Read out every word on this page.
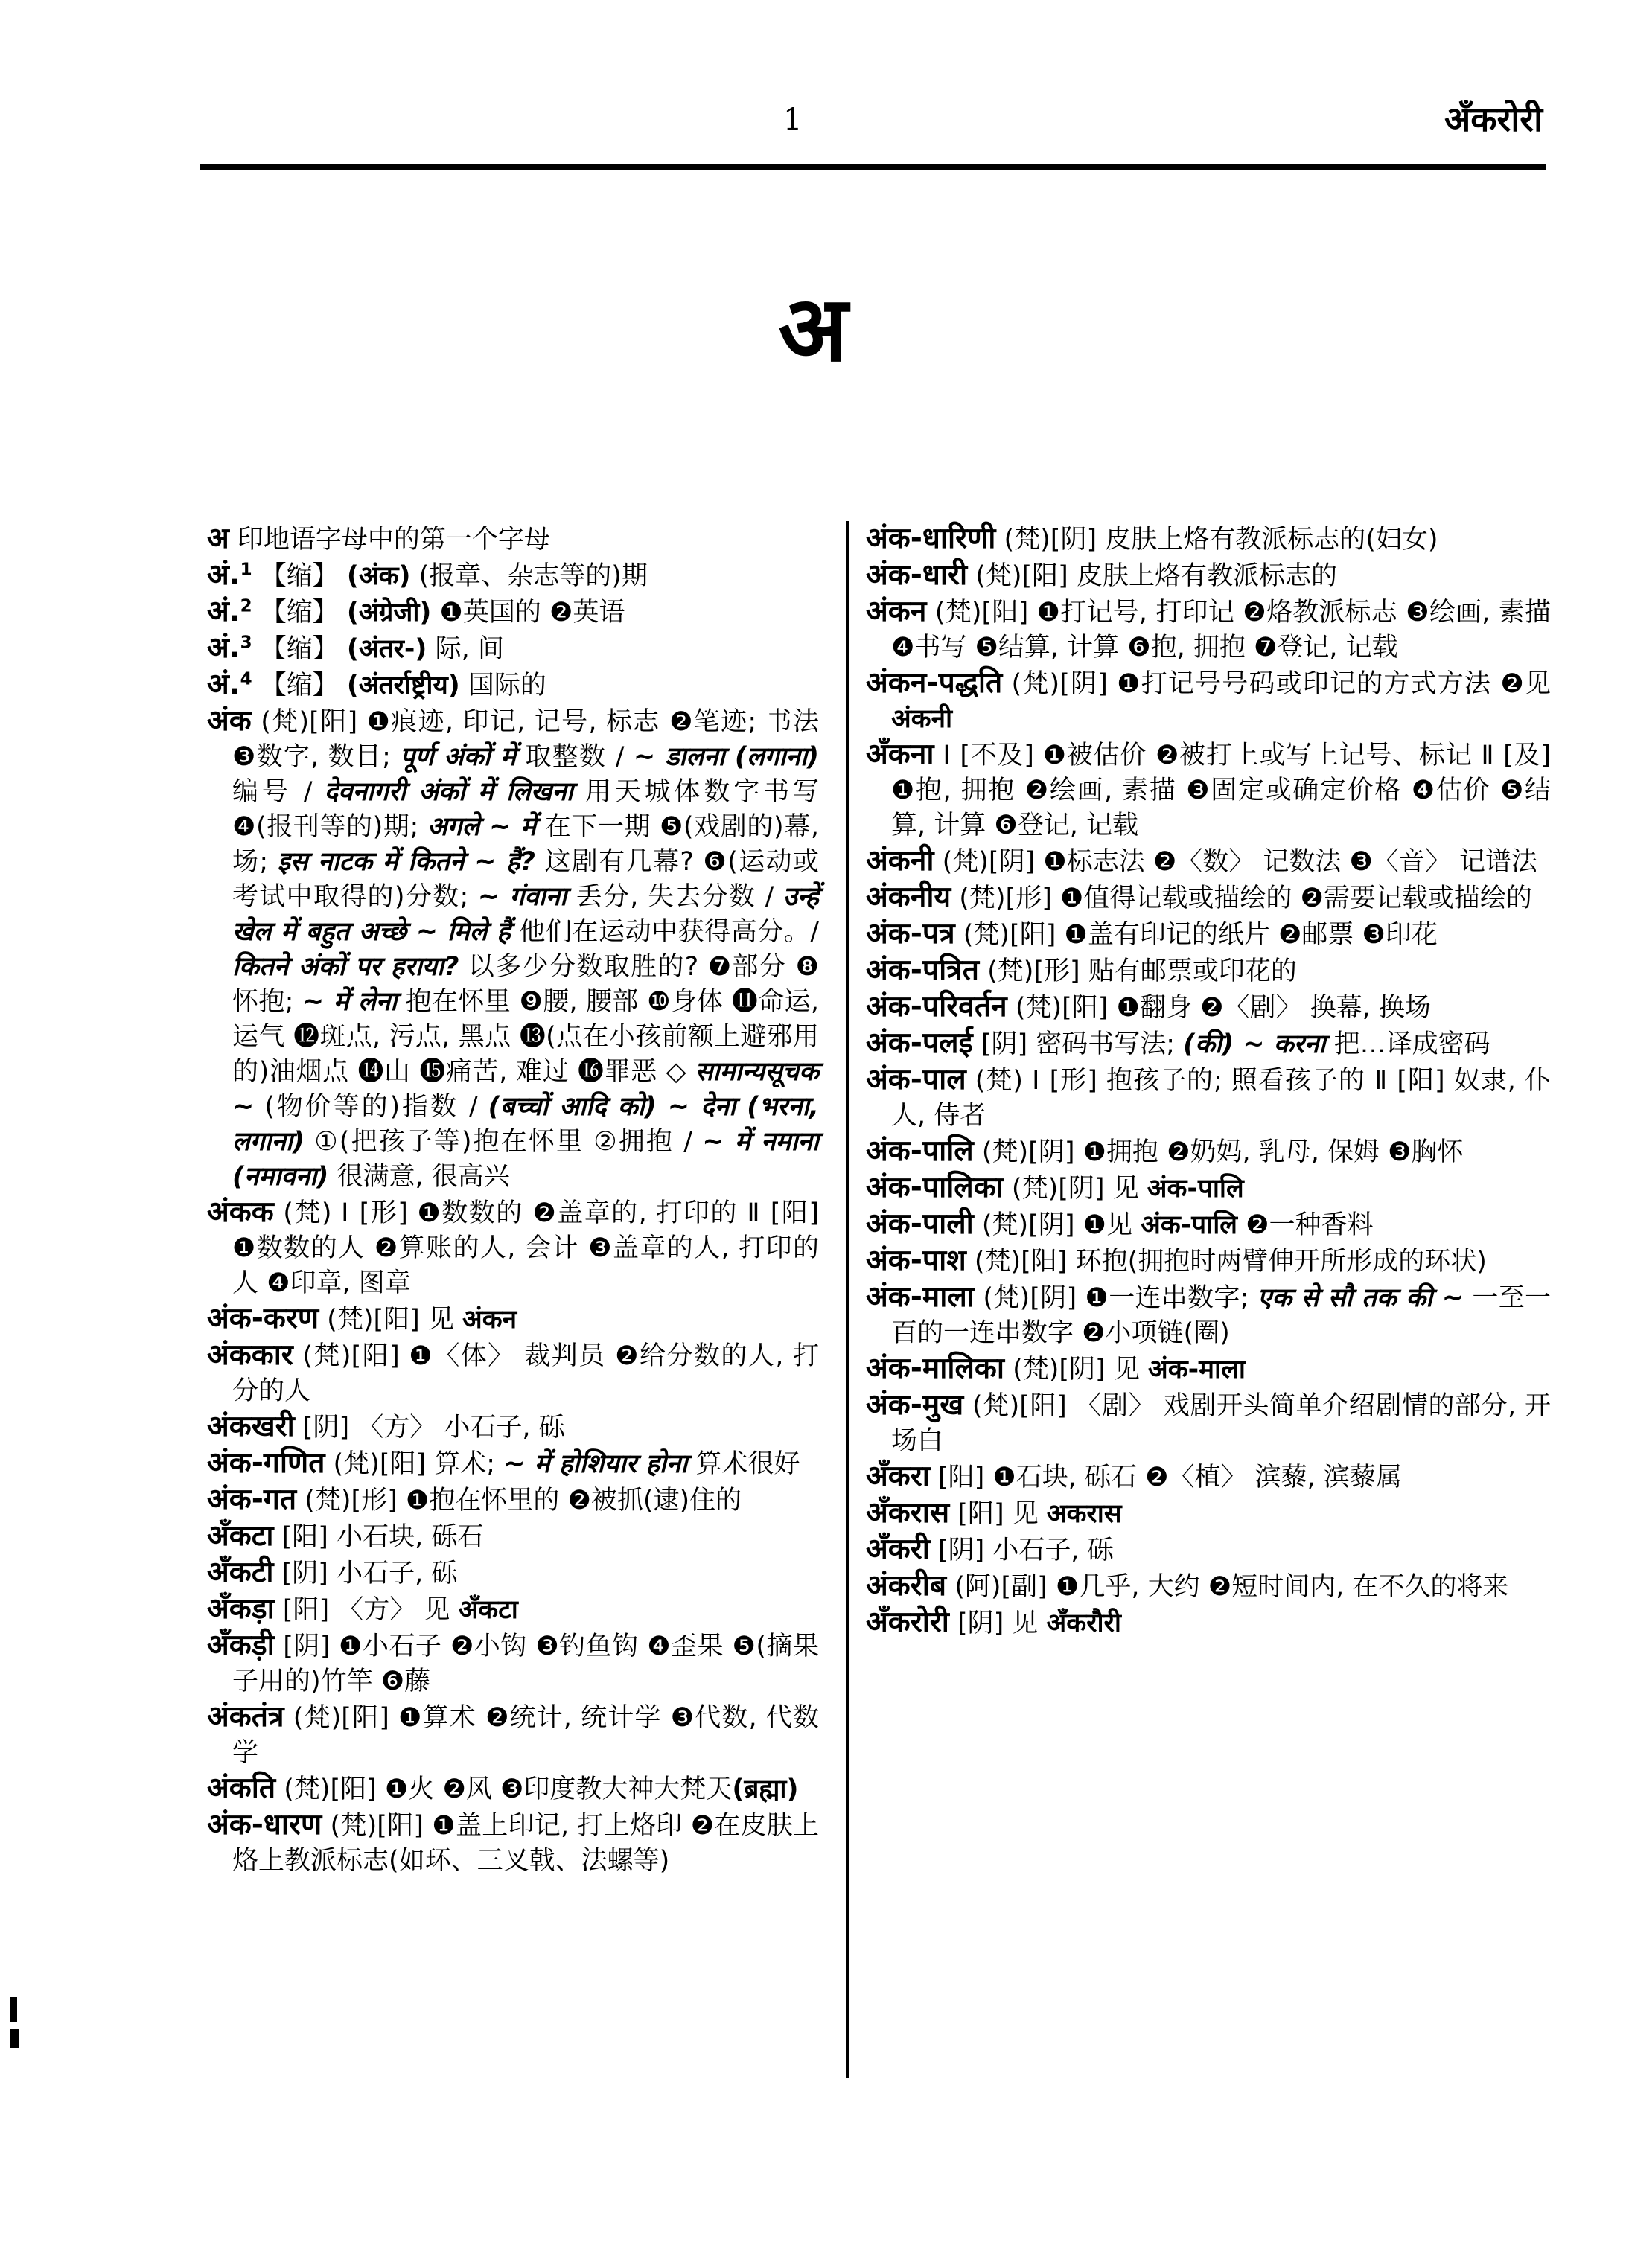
1	अँकरोरी
अ
अ 印地语字母中的第一个字母
अं.$^1$ 【缩】 (अंक) (报章、杂志等的)期
अं.$^2$ 【缩】 (अंग्रेजी) ❶英国的 ❷英语
अं.$^3$ 【缩】 (अंतर-) 际, 间
अं.$^4$ 【缩】 (अंतर्राष्ट्रीय) 国际的
अंक (梵)[阳] ❶痕迹, 印记, 记号, 标志 ❷笔迹; 书法 ❸数字, 数目; पूर्ण अंकों में 取整数 / ~ डालना (लगाना) 编号 / देवनागरी अंकों में लिखना 用天城体数字书写 ❹(报刊等的)期; अगले ~ में 在下一期 ❺(戏剧的)幕, 场; इस नाटक में कितने ~ हैं? 这剧有几幕? ❻(运动或考试中取得的)分数; ~ गंवाना 丢分, 失去分数 / उन्हें खेल में बहुत अच्छे ~ मिले हैं 他们在运动中获得高分。/ कितने अंकों पर हराया? 以多少分数取胜的? ❼部分 ❽怀抱; ~ में लेना 抱在怀里 ❾腰, 腰部 ❿身体 ⓫命运, 运气 ⓬斑点, 污点, 黑点 ⓭(点在小孩前额上避邪用的)油烟点 ⓮山 ⓯痛苦, 难过 ⓰罪恶 ◇ सामान्यसूचक ~ (物价等的)指数 / (बच्चों आदि को) ~ देना (भरना, लगाना) ①(把孩子等)抱在怀里 ②拥抱 / ~ में नमाना (नमावना) 很满意, 很高兴
अंकक (梵) Ⅰ [形] ❶数数的 ❷盖章的, 打印的 Ⅱ [阳] ❶数数的人 ❷算账的人, 会计 ❸盖章的人, 打印的人 ❹印章, 图章
अंक-करण (梵)[阳] 见 अंकन
अंककार (梵)[阳] ❶〈体〉 裁判员 ❷给分数的人, 打分的人
अंकखरी [阴] 〈方〉 小石子, 砾
अंक-गणित (梵)[阳] 算术; ~ में होशियार होना 算术很好
अंक-गत (梵)[形] ❶抱在怀里的 ❷被抓(逮)住的
अँकटा [阳] 小石块, 砾石
अँकटी [阴] 小石子, 砾
अँकड़ा [阳] 〈方〉 见 अँकटा
अँकड़ी [阴] ❶小石子 ❷小钩 ❸钓鱼钩 ❹歪果 ❺(摘果子用的)竹竿 ❻藤
अंकतंत्र (梵)[阳] ❶算术 ❷统计, 统计学 ❸代数, 代数学
अंकति (梵)[阳] ❶火 ❷风 ❸印度教大神大梵天(ब्रह्मा)
अंक-धारण (梵)[阳] ❶盖上印记, 打上烙印 ❷在皮肤上烙上教派标志(如环、三叉戟、法螺等)
अंक-धारिणी (梵)[阴] 皮肤上烙有教派标志的(妇女)
अंक-धारी (梵)[阳] 皮肤上烙有教派标志的
अंकन (梵)[阳] ❶打记号, 打印记 ❷烙教派标志 ❸绘画, 素描 ❹书写 ❺结算, 计算 ❻抱, 拥抱 ❼登记, 记载
अंकन-पद्धति (梵)[阴] ❶打记号号码或印记的方式方法 ❷见 अंकनी
अँकना Ⅰ [不及] ❶被估价 ❷被打上或写上记号、标记 Ⅱ [及] ❶抱, 拥抱 ❷绘画, 素描 ❸固定或确定价格 ❹估价 ❺结算, 计算 ❻登记, 记载
अंकनी (梵)[阴] ❶标志法 ❷〈数〉 记数法 ❸〈音〉 记谱法
अंकनीय (梵)[形] ❶值得记载或描绘的 ❷需要记载或描绘的
अंक-पत्र (梵)[阳] ❶盖有印记的纸片 ❷邮票 ❸印花
अंक-पत्रित (梵)[形] 贴有邮票或印花的
अंक-परिवर्तन (梵)[阳] ❶翻身 ❷〈剧〉 换幕, 换场
अंक-पलई [阴] 密码书写法; (की) ~ करना 把…译成密码
अंक-पाल (梵) Ⅰ [形] 抱孩子的; 照看孩子的 Ⅱ [阳] 奴隶, 仆人, 侍者
अंक-पालि (梵)[阴] ❶拥抱 ❷奶妈, 乳母, 保姆 ❸胸怀
अंक-पालिका (梵)[阴] 见 अंक-पालि
अंक-पाली (梵)[阴] ❶见 अंक-पालि ❷一种香料
अंक-पाश (梵)[阳] 环抱(拥抱时两臂伸开所形成的环状)
अंक-माला (梵)[阴] ❶一连串数字; एक से सौ तक की ~ 一至一百的一连串数字 ❷小项链(圈)
अंक-मालिका (梵)[阴] 见 अंक-माला
अंक-मुख (梵)[阳] 〈剧〉 戏剧开头简单介绍剧情的部分, 开场白
अँकरा [阳] ❶石块, 砾石 ❷〈植〉 滨藜, 滨藜属
अँकरास [阳] 见 अकरास
अँकरी [阴] 小石子, 砾
अंकरीब (阿)[副] ❶几乎, 大约 ❷短时间内, 在不久的将来
अँकरोरी [阴] 见 अँकरौरी
